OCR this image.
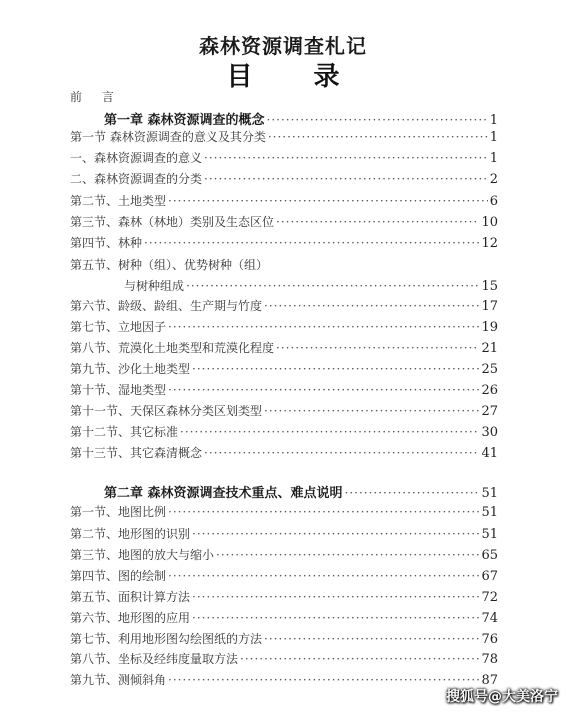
森林资源调查札记
目 录
前 言
第一章 森林资源调查的概念 ·····	1
第一节 森林资源调查的意义及其分类 ·····	1
一、森林资源调查的意义 ·····	1
二、森林资源调查的分类 ·····	2
第二节、土地类型 ·····	6
第三节、森林（林地）类别及生态区位 ·····	10
第四节、林种 ·····	12
第五节、树种（组）、优势树种（组）
与树种组成 ·····	15
第六节、龄级、龄组、生产期与竹度 ·····	17
第七节、立地因子 ·····	19
第八节、荒漠化土地类型和荒漠化程度 ·····	21
第九节、沙化土地类型 ·····	25
第十节、湿地类型 ·····	26
第十一节、天保区森林分类区划类型 ·····	27
第十二节、其它标准 ·····	30
第十三节、其它森清概念 ·····	41
第二章 森林资源调查技术重点、难点说明 ·····	51
第一节、地图比例 ·····	51
第二节、地形图的识别 ·····	51
第三节、地图的放大与缩小 ·····	65
第四节、图的绘制 ·····	67
第五节、面积计算方法 ·····	72
第六节、地形图的应用 ·····	74
第七节、利用地形图勾绘图纸的方法 ·····	76
第八节、坐标及经纬度量取方法 ·····	78
第九节、测倾斜角 ·····	87
搜狐号@大美洛宁
